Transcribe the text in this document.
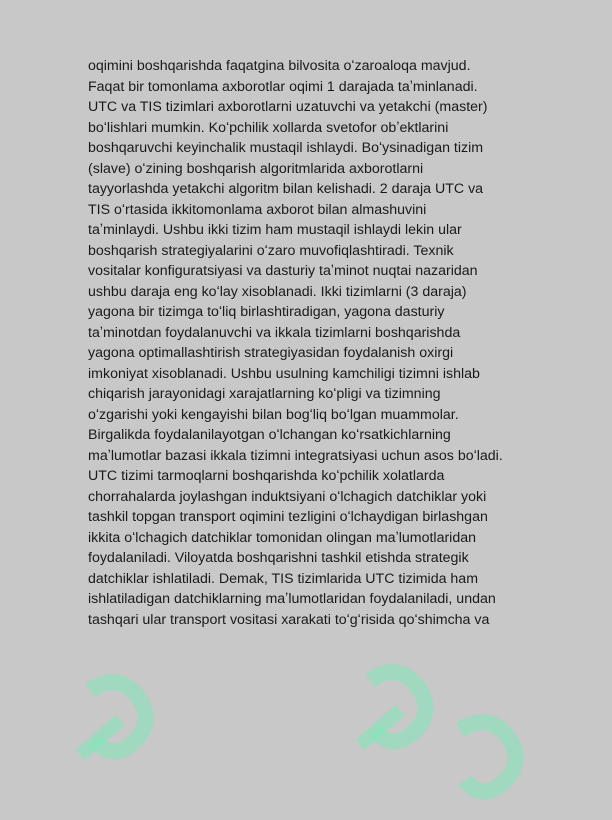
oqimini boshqarishda faqatgina bilvosita oʻzaroaloqa mavjud.
Faqat bir tomonlama axborotlar oqimi 1 darajada taʼminlanadi.
UTC va TIS tizimlari axborotlarni uzatuvchi va yetakchi (master)
boʻlishlari mumkin. Koʻpchilik xollarda svetofor obʼektlarini
boshqaruvchi keyinchalik mustaqil ishlaydi. Boʻysinadigan tizim
(slave) oʻzining boshqarish algoritmlarida axborotlarni
tayyorlashda yetakchi algoritm bilan kelishadi. 2 daraja UTC va
TIS oʻrtasida ikkitomonlama axborot bilan almashuvini
taʼminlaydi. Ushbu ikki tizim ham mustaqil ishlaydi lekin ular
boshqarish strategiyalarini oʻzaro muvofiqlashtiradi. Texnik
vositalar konfiguratsiyasi va dasturiy taʼminot nuqtai nazaridan
ushbu daraja eng koʻlay xisoblanadi. Ikki tizimlarni (3 daraja)
yagona bir tizimga toʻliq birlashtiradigan, yagona dasturiy
taʼminotdan foydalanuvchi va ikkala tizimlarni boshqarishda
yagona optimallashtirish strategiyasidan foydalanish oxirgi
imkoniyat xisoblanadi. Ushbu usulning kamchiligi tizimni ishlab
chiqarish jarayonidagi xarajatlarning koʻpligi va tizimning
oʻzgarishi yoki kengayishi bilan bogʻliq boʻlgan muammolar.
Birgalikda foydalanilayotgan oʻlchangan koʻrsatkichlarning
maʼlumotlar bazasi ikkala tizimni integratsiyasi uchun asos boʻladi.
UTC tizimi tarmoqlarni boshqarishda koʻpchilik xolatlarda
chorrahalarda joylashgan induktsiyani oʻlchagich datchiklar yoki
tashkil topgan transport oqimini tezligini oʻlchaydigan birlashgan
ikkita oʻlchagich datchiklar tomonidan olingan maʼlumotlaridan
foydalaniladi. Viloyatda boshqarishni tashkil etishda strategik
datchiklar ishlatiladi. Demak, TIS tizimlarida UTC tizimida ham
ishlatiladigan datchiklarning maʼlumotlaridan foydalaniladi, undan
tashqari ular transport vositasi xarakati toʻgʻrisida qoʻshimcha va
